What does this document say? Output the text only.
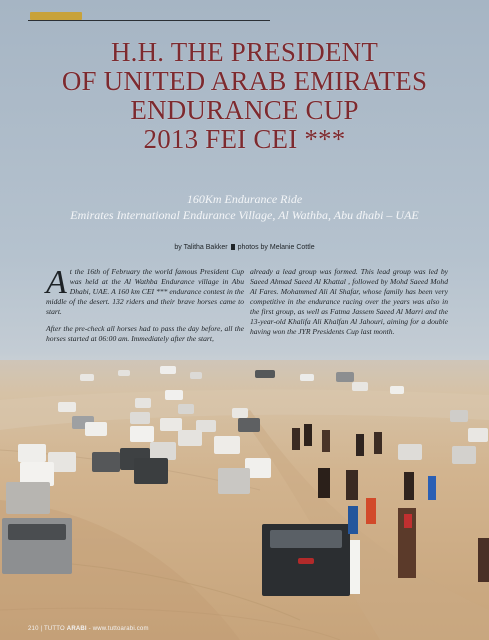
H.H. THE PRESIDENT
OF UNITED ARAB EMIRATES
ENDURANCE CUP
2013 FEI CEI ***
160Km Endurance Ride
Emirates International Endurance Village, Al Wathba, Abu dhabi – UAE
by Talitha Bakker photos by Melanie Cottle

At the 16th of February the world famous President Cup was held at the Al Wathba Endurance village in Abu Dhabi, UAE. A 160 km CEI *** endurance contest in the middle of the desert. 132 riders and their brave horses came to start.

After the pre-check all horses had to pass the day before, all the horses started at 06:00 am. Immediately after the start,

already a lead group was formed. This lead group was led by Saeed Ahmad Saeed Al Khattal , followed by Mohd Saeed Mohd Al Fares. Mohammed Ali Al Shafar, whose family has been very competitive in the endurance racing over the years was also in the first group, as well as Fatma Jassem Saeed Al Marri and the 13-year-old Khalifa Ali Khalfan Al Jahouri, aiming for a double having won the JYR Presidents Cup last month.

210 | TUTTO ARABI - www.tuttoarabi.com
